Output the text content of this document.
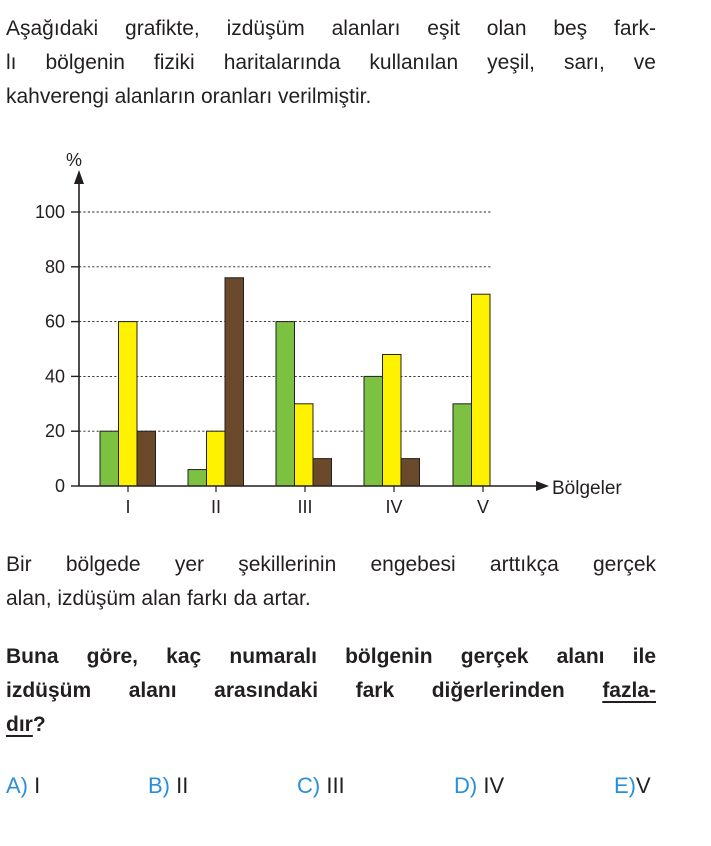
Aşağıdaki grafikte, izdüşüm alanları eşit olan beş fark-
lı bölgenin fiziki haritalarında kullanılan yeşil, sarı, ve
kahverengi alanların oranları verilmiştir.

%
Bölgeler
0
20
40
60
80
100
I	II	III	IV	V

Bir bölgede yer şekillerinin engebesi arttıkça gerçek
alan, izdüşüm alan farkı da artar.

Buna göre, kaç numaralı bölgenin gerçek alanı ile
izdüşüm alanı arasındaki fark diğerlerinden fazla-
dır?

A) I	B) II	C) III	D) IV	E)V
